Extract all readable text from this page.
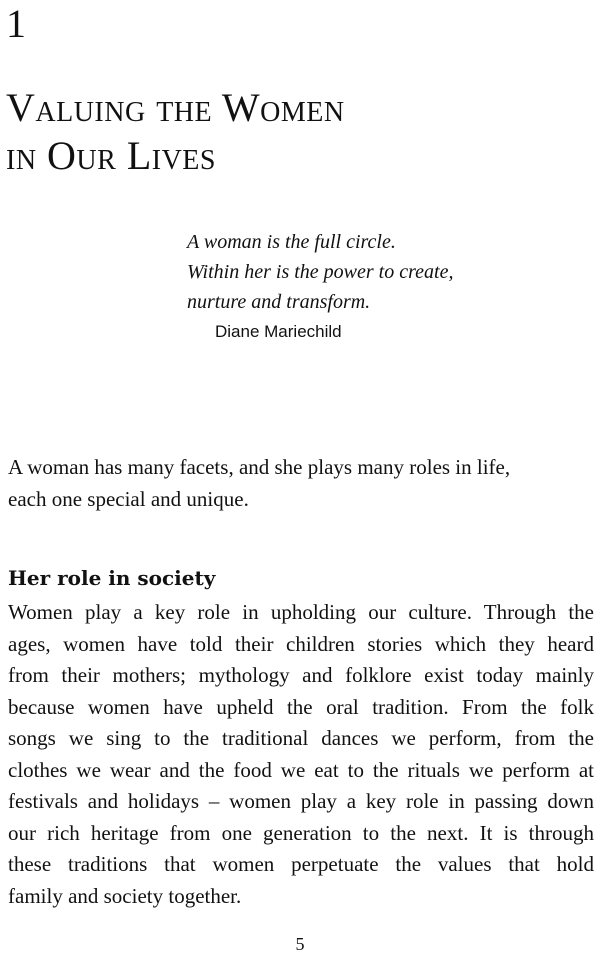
1
Valuing the Women
in Our Lives
A woman is the full circle.
Within her is the power to create,
nurture and transform.
Diane Mariechild
A woman has many facets, and she plays many roles in life,
each one special and unique.
Her role in society
Women play a key role in upholding our culture. Through the
ages, women have told their children stories which they heard
from their mothers; mythology and folklore exist today mainly
because women have upheld the oral tradition. From the folk
songs we sing to the traditional dances we perform, from the
clothes we wear and the food we eat to the rituals we perform at
festivals and holidays – women play a key role in passing down
our rich heritage from one generation to the next. It is through
these traditions that women perpetuate the values that hold
family and society together.
5
